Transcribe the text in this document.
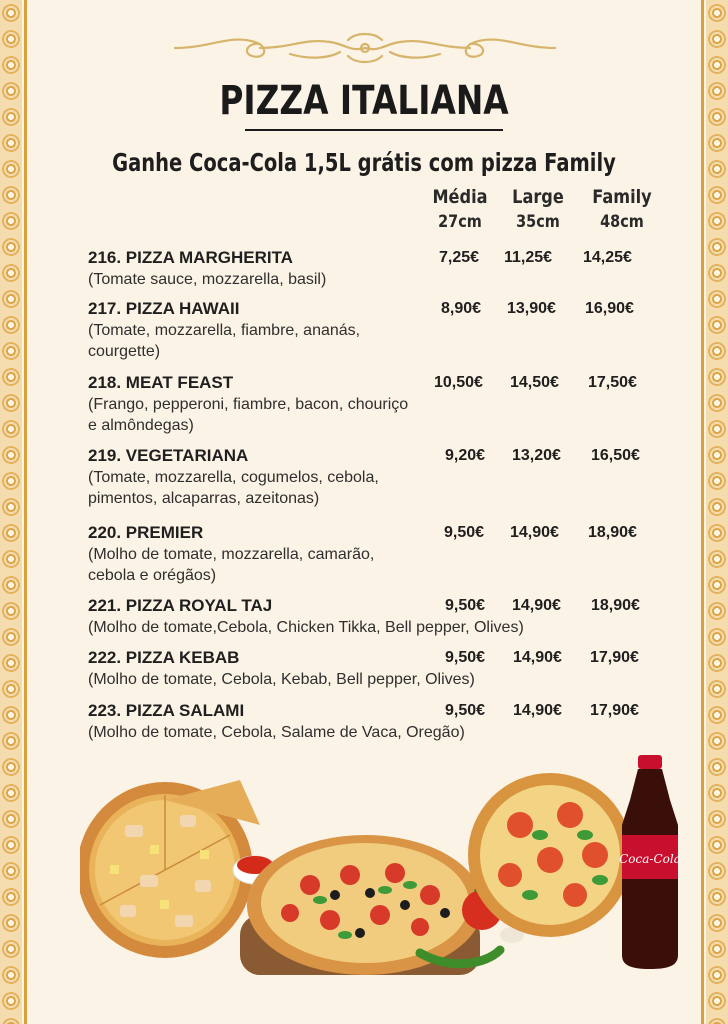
PIZZA ITALIANA
Ganhe Coca-Cola 1,5L grátis com pizza Family
Média
27cm
Large
35cm
Family
48cm
216. PIZZA MARGHERITA
(Tomate sauce, mozzarella, basil)
7,25€ 11,25€ 14,25€
217. PIZZA HAWAII
(Tomate, mozzarella, fiambre, ananás, courgette)
8,90€ 13,90€ 16,90€
218. MEAT FEAST
(Frango, pepperoni, fiambre, bacon, chouriço e almôndegas)
10,50€ 14,50€ 17,50€
219. VEGETARIANA
(Tomate, mozzarella, cogumelos, cebola, pimentos, alcaparras, azeitonas)
9,20€ 13,20€ 16,50€
220. PREMIER
(Molho de tomate, mozzarella, camarão, cebola e orégãos)
9,50€ 14,90€ 18,90€
221. PIZZA ROYAL TAJ
(Molho de tomate,Cebola, Chicken Tikka, Bell pepper, Olives)
9,50€ 14,90€ 18,90€
222. PIZZA KEBAB
(Molho de tomate, Cebola, Kebab, Bell pepper, Olives)
9,50€ 14,90€ 17,90€
223. PIZZA SALAMI
(Molho de tomate, Cebola, Salame de Vaca, Oregão)
9,50€ 14,90€ 17,90€
Coca-Cola
